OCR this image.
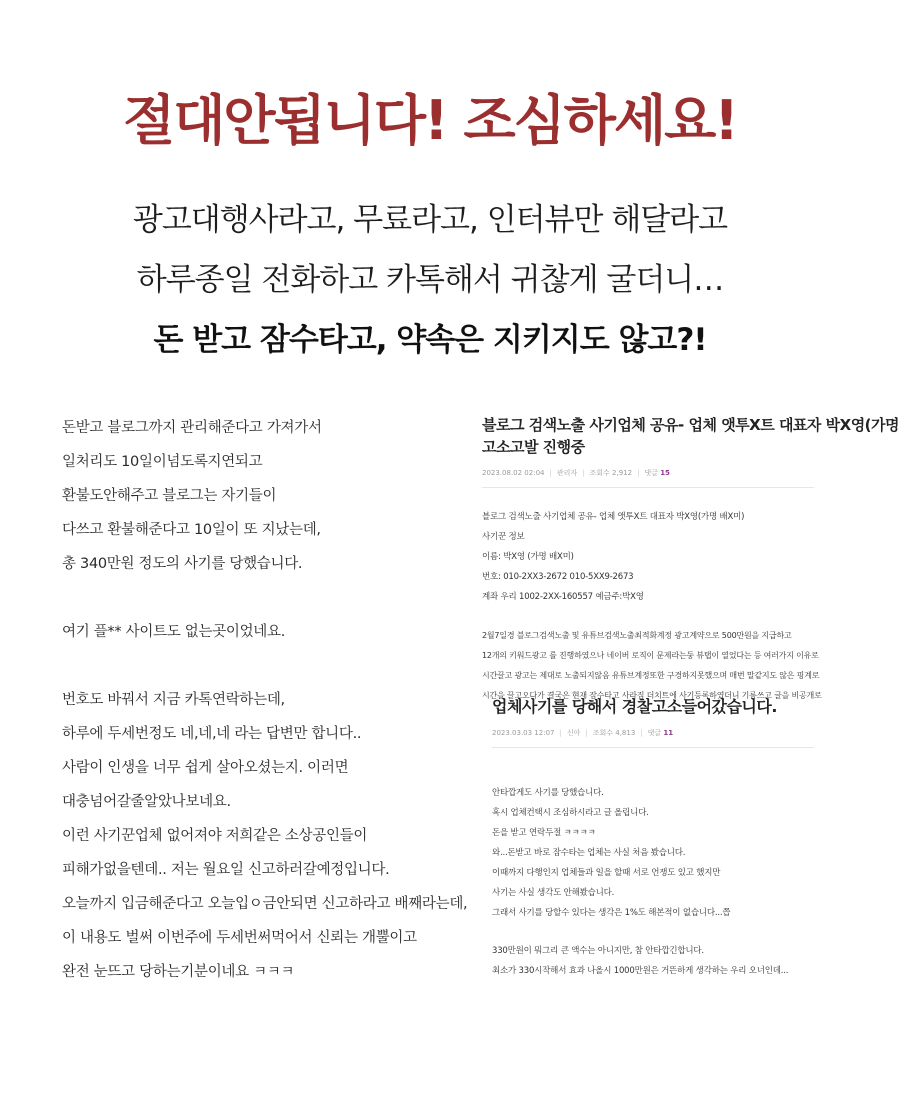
절대안됩니다! 조심하세요!
광고대행사라고, 무료라고, 인터뷰만 해달라고
하루종일 전화하고 카톡해서 귀찮게 굴더니…
돈 받고 잠수타고, 약속은 지키지도 않고?!
돈받고 블로그까지 관리해준다고 가져가서
일처리도 10일이넘도록지연되고
환불도안해주고 블로그는 자기들이
다쓰고 환불해준다고 10일이 또 지났는데,
총 340만원 정도의 사기를 당했습니다.
여기 플** 사이트도 없는곳이었네요.
번호도 바꿔서 지금 카톡연락하는데,
하루에 두세번정도 네,네,네 라는 답변만 합니다..
사람이 인생을 너무 쉽게 살아오셨는지. 이러면
대충넘어갈줄알았나보네요.
이런 사기꾼업체 없어져야 저희같은 소상공인들이
피해가없을텐데.. 저는 월요일 신고하러갈예정입니다.
오늘까지 입금해준다고 오늘입ㅇ금안되면 신고하라고 배째라는데,
이 내용도 벌써 이번주에 두세번써먹어서 신뢰는 개뿔이고
완전 눈뜨고 당하는기분이네요 ㅋㅋㅋ
블로그 검색노출 사기업체 공유- 업체 앳투X트 대표자 박X영(가명
고소고발 진행중
2023.08.02 02:04 | 관리자 | 조회수 2,912 | 댓글 15
블로그 검색노출 사기업체 공유- 업체 앳투X트 대표자 박X영(가명 배X미)
사기꾼 정보
이름: 박X영 (가명 배X미)
번호: 010-2XX3-2672 010-5XX9-2673
계좌 우리 1002-2XX-160557 예금주:박X영
2월7일경 블로그검색노출 및 유튜브검색노출최적화계정 광고계약으로 500만원을 지급하고
12개의 키워드광고 를 진행하였으나 네이버 로직이 문제라는둥 뷰탭이 열었다는 등 여러가지 이유로
시간끌고 광고는 제대로 노출되지않음 유튜브계정또한 구경하지못했으며 매번 말같지도 않은 핑계로
시간을 끌고오다가 결국은 현재 잠수타고 사라짐 더치트에 사기등록하였더니 기름쓰고 글을 비공개로
업체사기를 당해서 경찰고소들어갔습니다.
2023.03.03 12:07 | 신아 | 조회수 4,813 | 댓글 11
안타깝게도 사기를 당했습니다.
혹시 업체컨택시 조심하시라고 글 올립니다.
돈을 받고 연락두절 ㅋㅋㅋㅋ
와...돈받고 바로 잠수타는 업체는 사실 처음 봤습니다.
이때까지 다행인지 업체들과 일을 할때 서로 언쟁도 있고 했지만
사기는 사실 생각도 안해봤습니다.
그래서 사기를 당할수 있다는 생각은 1%도 해본적이 없습니다...쯥
330만원이 뭐그리 큰 액수는 아니지만, 참 안타깝긴합니다.
최소가 330시작해서 효과 나올시 1000만원은 거뜬하게 생각하는 우리 오너인데...
